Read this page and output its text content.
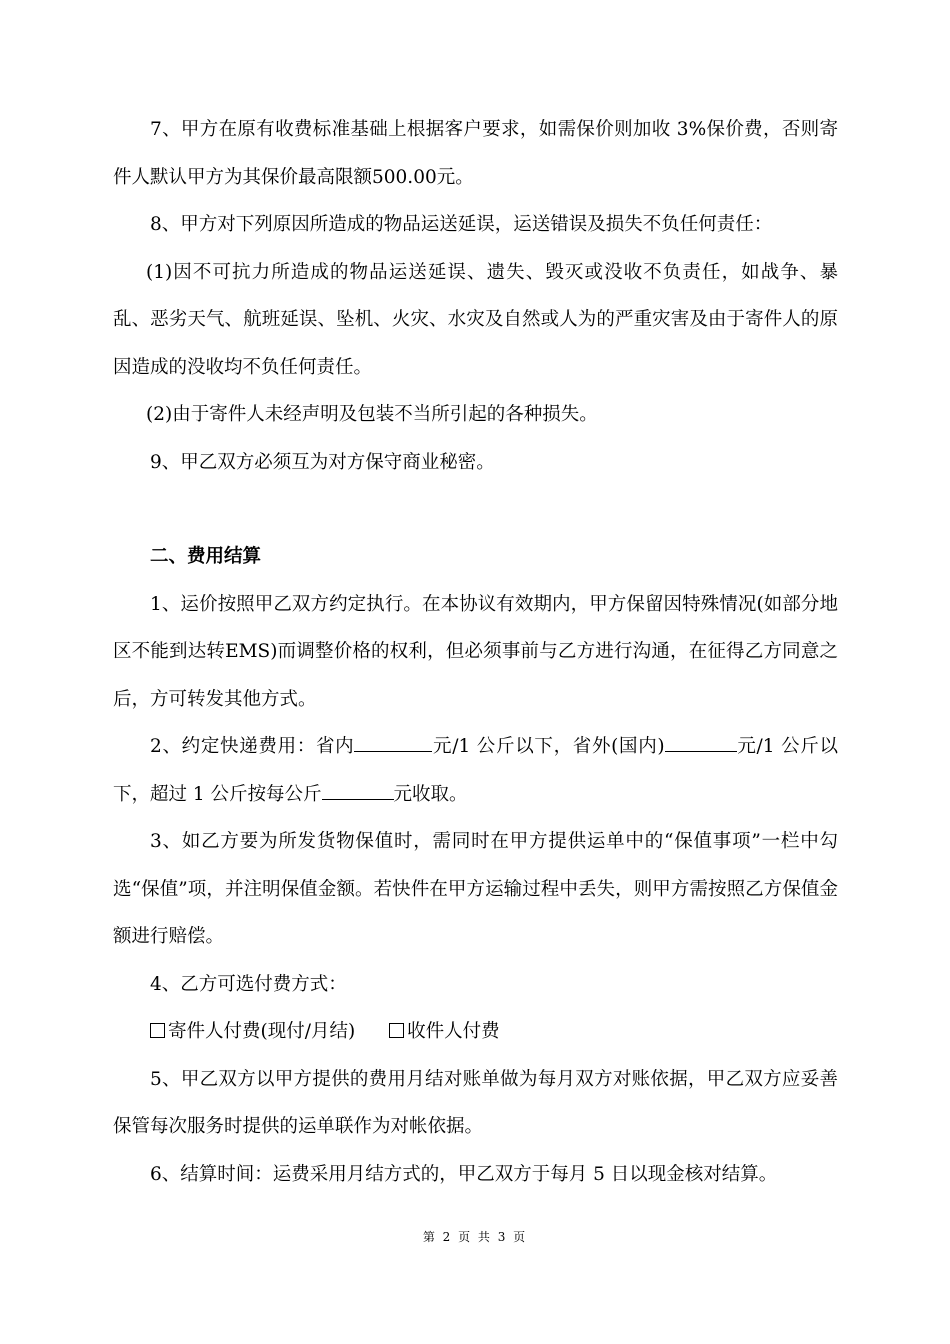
7、甲方在原有收费标准基础上根据客户要求，如需保价则加收 3%保价费，否则寄件人默认甲方为其保价最高限额500.00元。

8、甲方对下列原因所造成的物品运送延误，运送错误及损失不负任何责任：

(1)因不可抗力所造成的物品运送延误、遗失、毁灭或没收不负责任，如战争、暴乱、恶劣天气、航班延误、坠机、火灾、水灾及自然或人为的严重灾害及由于寄件人的原因造成的没收均不负任何责任。

(2)由于寄件人未经声明及包装不当所引起的各种损失。

9、甲乙双方必须互为对方保守商业秘密。

二、费用结算

1、运价按照甲乙双方约定执行。在本协议有效期内，甲方保留因特殊情况(如部分地区不能到达转EMS)而调整价格的权利，但必须事前与乙方进行沟通，在征得乙方同意之后，方可转发其他方式。

2、约定快递费用：省内	元/1 公斤以下，省外(国内)	元/1 公斤以下，超过 1 公斤按每公斤	元收取。

3、如乙方要为所发货物保值时，需同时在甲方提供运单中的“保值事项”一栏中勾选“保值”项，并注明保值金额。若快件在甲方运输过程中丢失，则甲方需按照乙方保值金额进行赔偿。

4、乙方可选付费方式：

寄件人付费(现付/月结)	收件人付费

5、甲乙双方以甲方提供的费用月结对账单做为每月双方对账依据，甲乙双方应妥善保管每次服务时提供的运单联作为对帐依据。

6、结算时间：运费采用月结方式的，甲乙双方于每月 5 日以现金核对结算。

第 2 页 共 3 页
